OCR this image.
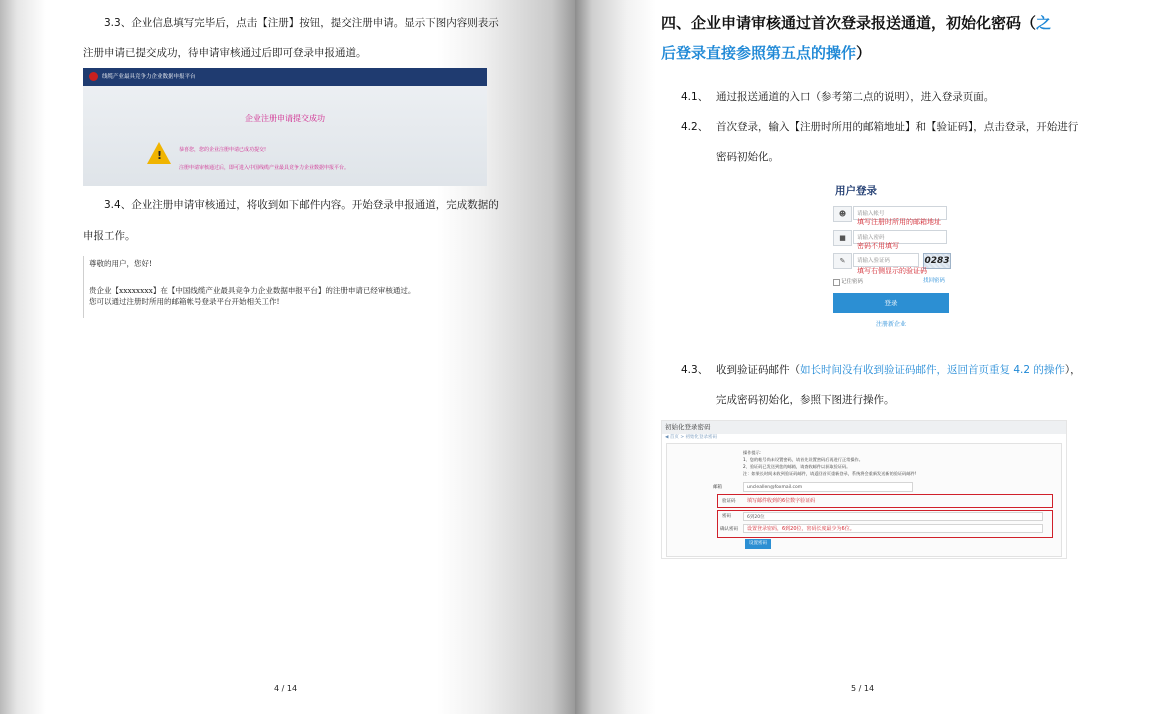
3.3、企业信息填写完毕后，点击【注册】按钮，提交注册申请。显示下图内容则表示
注册申请已提交成功，待申请审核通过后即可登录申报通道。
线缆产业最具竞争力企业数据申报平台
企业注册申请提交成功
!	恭喜您，您的企业注册申请已成功提交!
注册申请审核通过后，即可进入中国线缆产业最具竞争力企业数据申报平台。
3.4、企业注册申请审核通过，将收到如下邮件内容。开始登录申报通道，完成数据的
申报工作。
尊敬的用户，您好!
贵企业【xxxxxxxx】在【中国线缆产业最具竞争力企业数据申报平台】的注册申请已经审核通过。
您可以通过注册时所用的邮箱帐号登录平台开始相关工作!
4 / 14
四、企业申请审核通过首次登录报送通道，初始化密码（之
后登录直接参照第五点的操作）
4.1、 通过报送通道的入口（参考第二点的说明），进入登录页面。
4.2、 首次登录，输入【注册时所用的邮箱地址】和【验证码】，点击登录，开始进行
密码初始化。
用户登录
☻	请输入帐号
填写注册时所用的邮箱地址
■	请输入密码
密码不用填写
✎	请输入验证码	0283
填写右侧显示的验证码
记住密码	找回密码
登录
注册新企业
4.3、 收到验证码邮件（如长时间没有收到验证码邮件，返回首页重复 4.2 的操作），
完成密码初始化，参照下图进行操作。
初始化登录密码
◀ 首页 > 初始化登录密码
操作提示：
1、您的帐号尚未设置密码，请首先设置密码后再进行正常操作。
2、验证码已发送到您的邮箱，请查收邮件以获取验证码。
注：如果长时间未收到验证码邮件，请返回首页重新登录，系统将会重新发送新的验证码邮件!
邮箱	uncleallen@foxmail.com
验证码 填写邮件收到的6位数字验证码
密码	6到20位
确认密码 设置登录密码，6到20位，密码长度最少为6位。
设置密码
5 / 14
